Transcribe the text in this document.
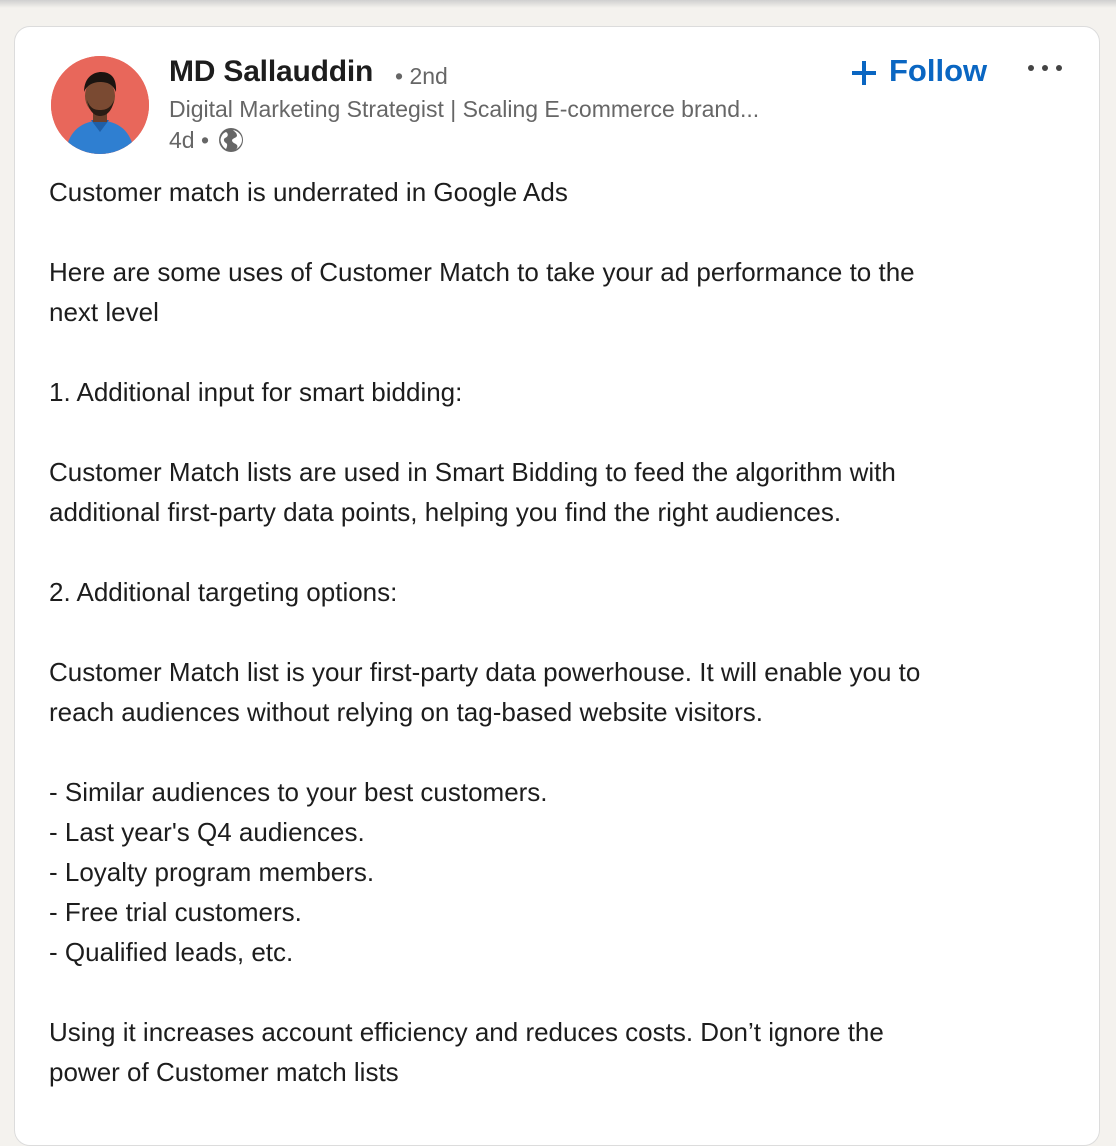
MD Sallauddin • 2nd
Digital Marketing Strategist | Scaling E-commerce brand...
4d •
Follow

Customer match is underrated in Google Ads

Here are some uses of Customer Match to take your ad performance to the

next level

1. Additional input for smart bidding:

Customer Match lists are used in Smart Bidding to feed the algorithm with

additional first-party data points, helping you find the right audiences.

2. Additional targeting options:

Customer Match list is your first-party data powerhouse. It will enable you to

reach audiences without relying on tag-based website visitors.

- Similar audiences to your best customers.

- Last year's Q4 audiences.

- Loyalty program members.

- Free trial customers.

- Qualified leads, etc.

Using it increases account efficiency and reduces costs. Don’t ignore the

power of Customer match lists
